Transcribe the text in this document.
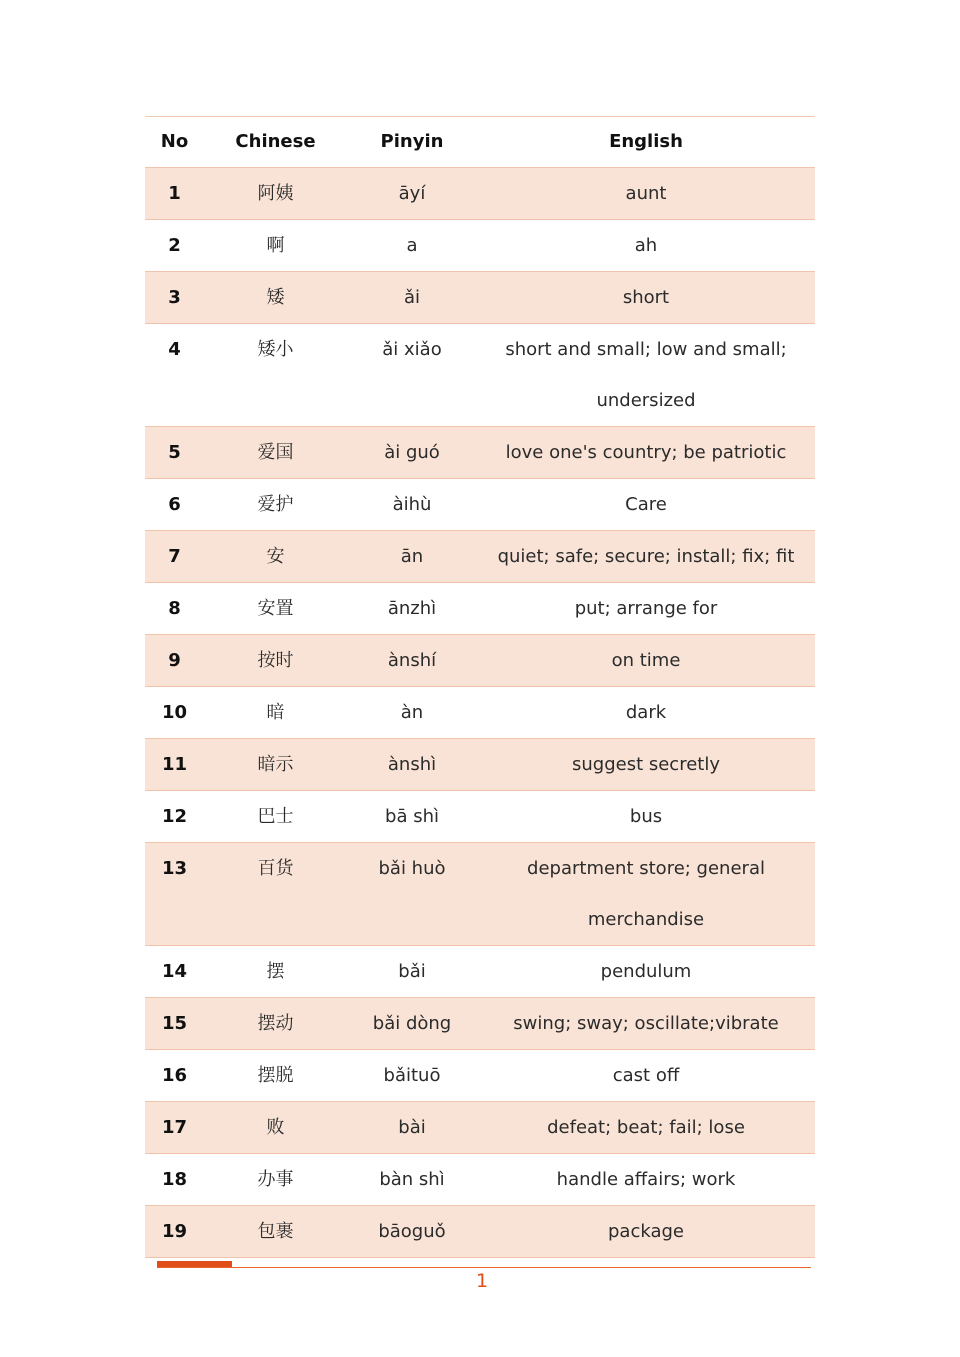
No	Chinese	Pinyin	English
1	阿姨	āyí	aunt
2	啊	a	ah
3	矮	ǎi	short
4	矮小	ǎi xiǎo	short and small; low and small; undersized
5	爱国	ài guó	love one's country; be patriotic
6	爱护	àihù	Care
7	安	ān	quiet; safe; secure; install; fix; fit
8	安置	ānzhì	put; arrange for
9	按时	ànshí	on time
10	暗	àn	dark
11	暗示	ànshì	suggest secretly
12	巴士	bā shì	bus
13	百货	bǎi huò	department store; general merchandise
14	摆	bǎi	pendulum
15	摆动	bǎi dòng	swing; sway; oscillate;vibrate
16	摆脱	bǎituō	cast off
17	败	bài	defeat; beat; fail; lose
18	办事	bàn shì	handle affairs; work
19	包裹	bāoguǒ	package
1
